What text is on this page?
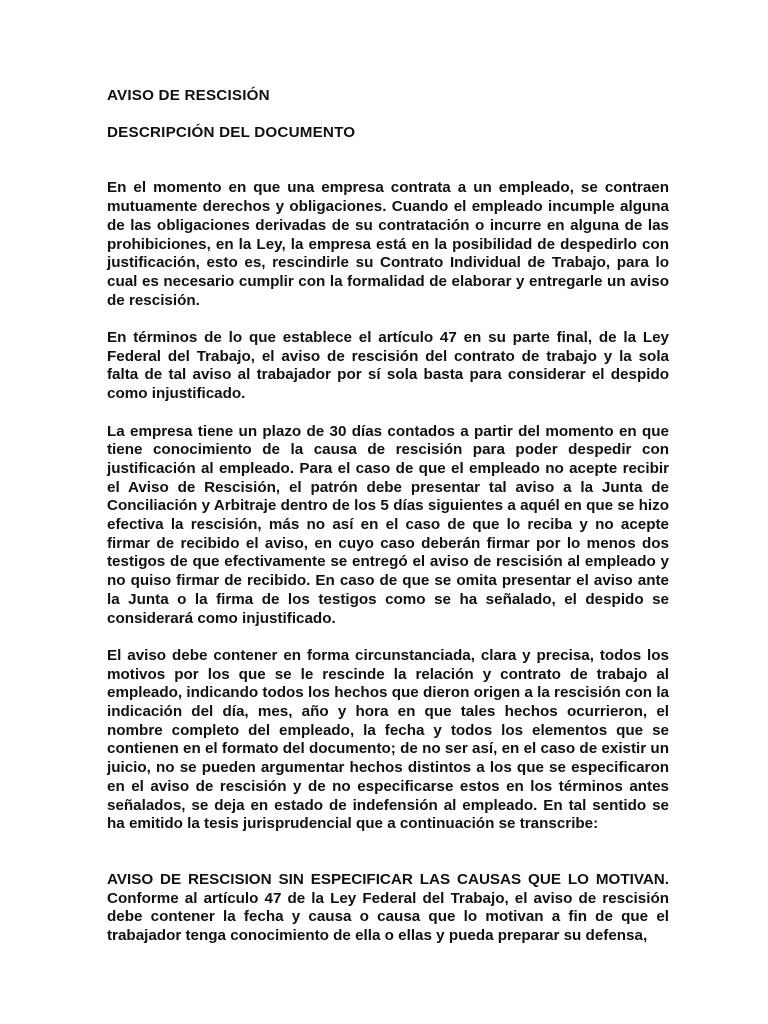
AVISO DE RESCISIÓN

DESCRIPCIÓN DEL DOCUMENTO

En el momento en que una empresa contrata a un empleado, se contraen mutuamente derechos y obligaciones. Cuando el empleado incumple alguna de las obligaciones derivadas de su contratación o incurre en alguna de las prohibiciones, en la Ley, la empresa está en la posibilidad de despedirlo con justificación, esto es, rescindirle su Contrato Individual de Trabajo, para lo cual es necesario cumplir con la formalidad de elaborar y entregarle un aviso de rescisión.

En términos de lo que establece el artículo 47 en su parte final, de la Ley Federal del Trabajo, el aviso de rescisión del contrato de trabajo y la sola falta de tal aviso al trabajador por sí sola basta para considerar el despido como injustificado.

La empresa tiene un plazo de 30 días contados a partir del momento en que tiene conocimiento de la causa de rescisión para poder despedir con justificación al empleado. Para el caso de que el empleado no acepte recibir el Aviso de Rescisión, el patrón debe presentar tal aviso a la Junta de Conciliación y Arbitraje dentro de los 5 días siguientes a aquél en que se hizo efectiva la rescisión, más no así en el caso de que lo reciba y no acepte firmar de recibido el aviso, en cuyo caso deberán firmar por lo menos dos testigos de que efectivamente se entregó el aviso de rescisión al empleado y no quiso firmar de recibido. En caso de que se omita presentar el aviso ante la Junta o la firma de los testigos como se ha señalado, el despido se considerará como injustificado.

El aviso debe contener en forma circunstanciada, clara y precisa, todos los motivos por los que se le rescinde la relación y contrato de trabajo al empleado, indicando todos los hechos que dieron origen a la rescisión con la indicación del día, mes, año y hora en que tales hechos ocurrieron, el nombre completo del empleado, la fecha y todos los elementos que se contienen en el formato del documento; de no ser así, en el caso de existir un juicio, no se pueden argumentar hechos distintos a los que se especificaron en el aviso de rescisión y de no especificarse estos en los términos antes señalados, se deja en estado de indefensión al empleado. En tal sentido se ha emitido la tesis jurisprudencial que a continuación se transcribe:

AVISO DE RESCISION SIN ESPECIFICAR LAS CAUSAS QUE LO MOTIVAN. Conforme al artículo 47 de la Ley Federal del Trabajo, el aviso de rescisión debe contener la fecha y causa o causa que lo motivan a fin de que el trabajador tenga conocimiento de ella o ellas y pueda preparar su defensa,
